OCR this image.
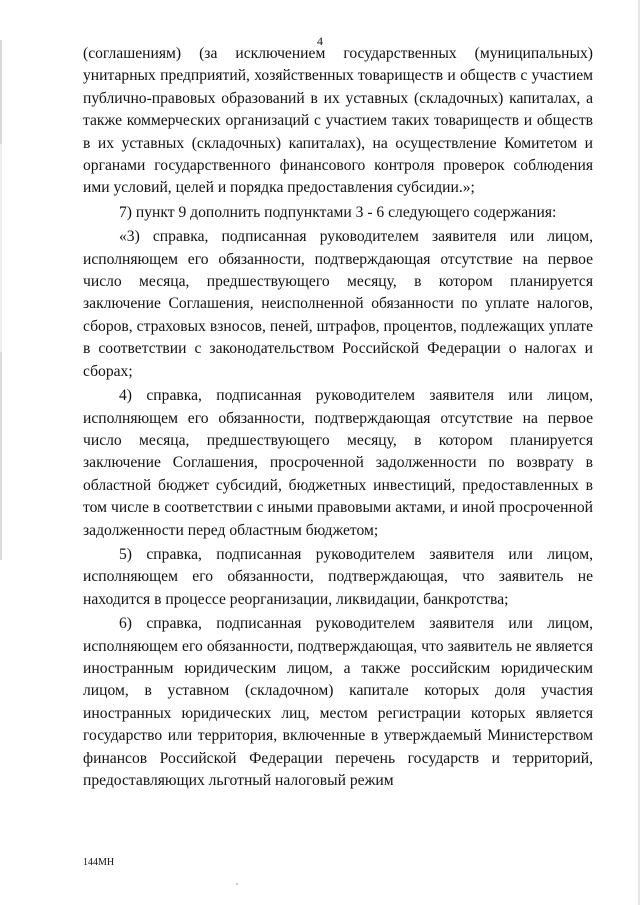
4

(соглашениям) (за исключением государственных (муниципальных) унитарных предприятий, хозяйственных товариществ и обществ с участием публично-правовых образований в их уставных (складочных) капиталах, а также коммерческих организаций с участием таких товариществ и обществ в их уставных (складочных) капиталах), на осуществление Комитетом и органами государственного финансового контроля проверок соблюдения ими условий, целей и порядка предоставления субсидии.»;

7) пункт 9 дополнить подпунктами 3 - 6 следующего содержания:

«3) справка, подписанная руководителем заявителя или лицом, исполняющем его обязанности, подтверждающая отсутствие на первое число месяца, предшествующего месяцу, в котором планируется заключение Соглашения, неисполненной обязанности по уплате налогов, сборов, страховых взносов, пеней, штрафов, процентов, подлежащих уплате в соответствии с законодательством Российской Федерации о налогах и сборах;

4) справка, подписанная руководителем заявителя или лицом, исполняющем его обязанности, подтверждающая отсутствие на первое число месяца, предшествующего месяцу, в котором планируется заключение Соглашения, просроченной задолженности по возврату в областной бюджет субсидий, бюджетных инвестиций, предоставленных в том числе в соответствии с иными правовыми актами, и иной просроченной задолженности перед областным бюджетом;

5) справка, подписанная руководителем заявителя или лицом, исполняющем его обязанности, подтверждающая, что заявитель не находится в процессе реорганизации, ликвидации, банкротства;

6) справка, подписанная руководителем заявителя или лицом, исполняющем его обязанности, подтверждающая, что заявитель не является иностранным юридическим лицом, а также российским юридическим лицом, в уставном (складочном) капитале которых доля участия иностранных юридических лиц, местом регистрации которых является государство или территория, включенные в утверждаемый Министерством финансов Российской Федерации перечень государств и территорий, предоставляющих льготный налоговый режим

144МН
